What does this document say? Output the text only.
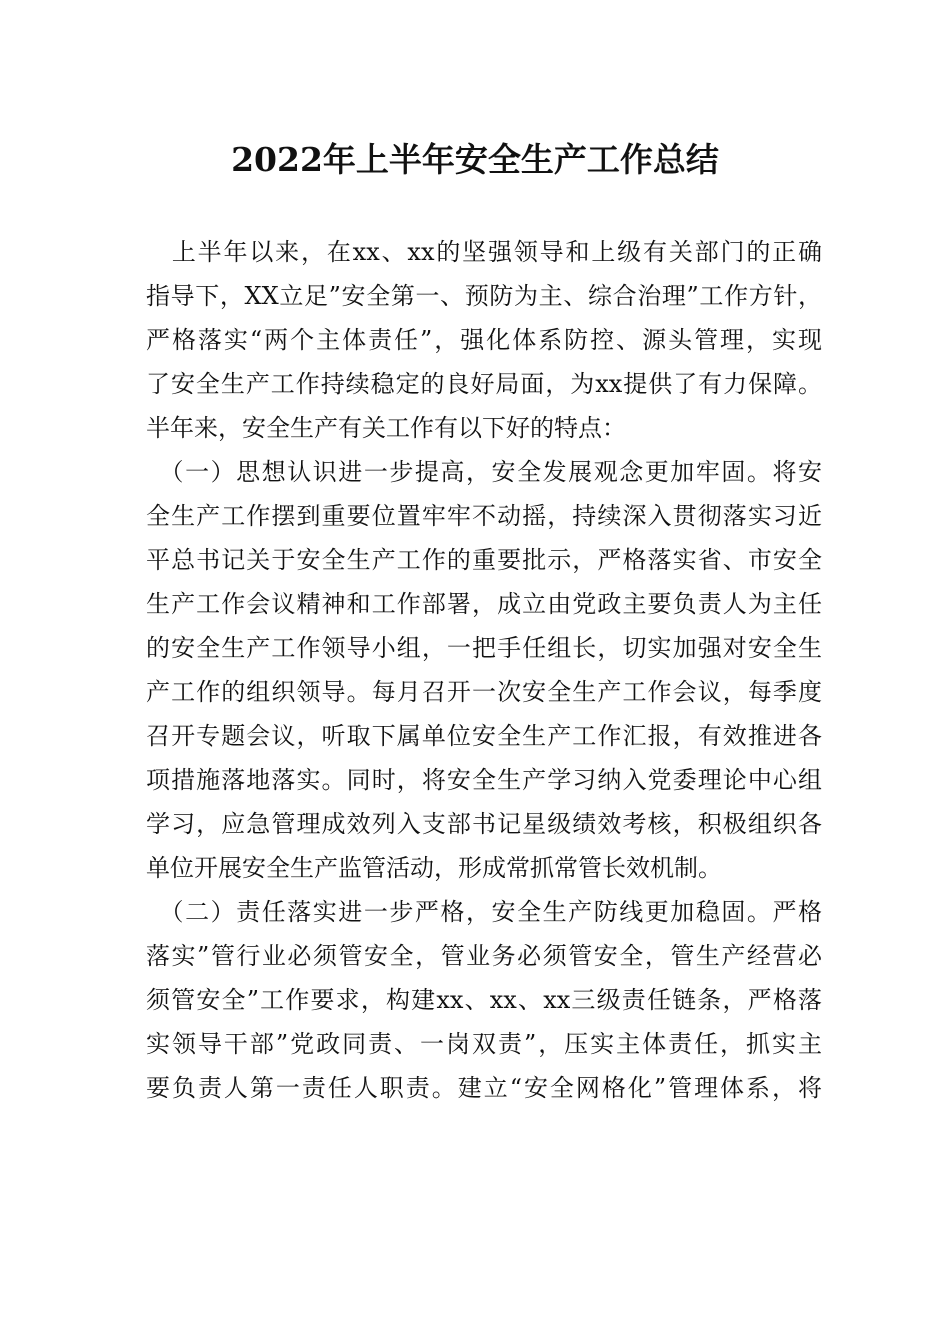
2022年上半年安全生产工作总结
　上半年以来，在xx、xx的坚强领导和上级有关部门的正确
指导下，XX立足”安全第一、预防为主、综合治理”工作方针，
严格落实“两个主体责任”，强化体系防控、源头管理，实现
了安全生产工作持续稳定的良好局面，为xx提供了有力保障。
半年来，安全生产有关工作有以下好的特点：
　（一）思想认识进一步提高，安全发展观念更加牢固。将安
全生产工作摆到重要位置牢牢不动摇，持续深入贯彻落实习近
平总书记关于安全生产工作的重要批示，严格落实省、市安全
生产工作会议精神和工作部署，成立由党政主要负责人为主任
的安全生产工作领导小组，一把手任组长，切实加强对安全生
产工作的组织领导。每月召开一次安全生产工作会议，每季度
召开专题会议，听取下属单位安全生产工作汇报，有效推进各
项措施落地落实。同时，将安全生产学习纳入党委理论中心组
学习，应急管理成效列入支部书记星级绩效考核，积极组织各
单位开展安全生产监管活动，形成常抓常管长效机制。
　（二）责任落实进一步严格，安全生产防线更加稳固。严格
落实”管行业必须管安全，管业务必须管安全，管生产经营必
须管安全”工作要求，构建xx、xx、xx三级责任链条，严格落
实领导干部”党政同责、一岗双责”，压实主体责任，抓实主
要负责人第一责任人职责。建立“安全网格化”管理体系，将
